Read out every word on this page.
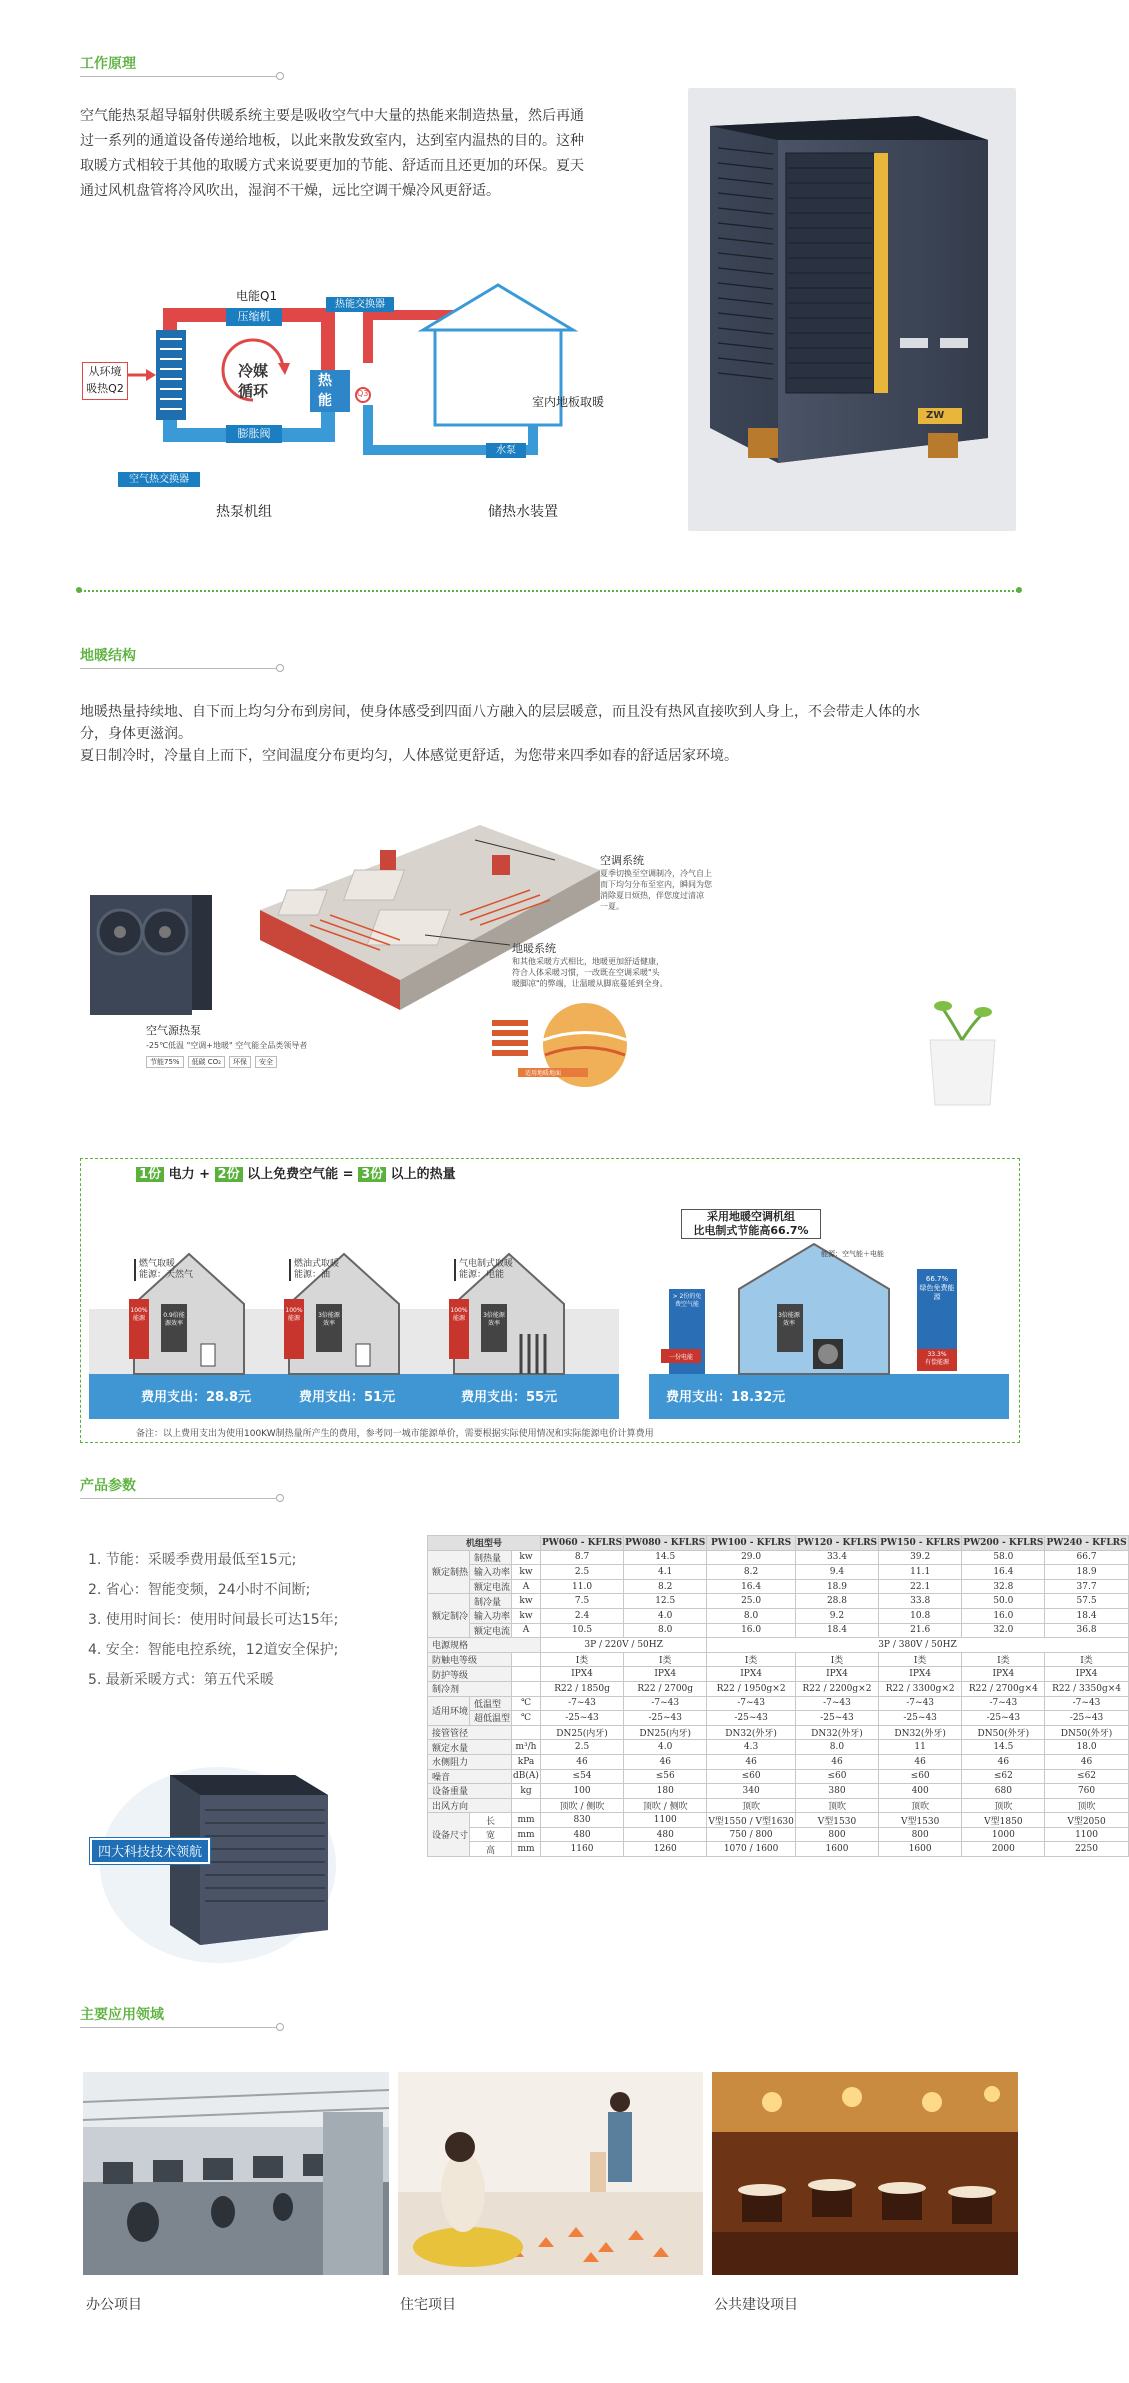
工作原理
空气能热泵超导辐射供暖系统主要是吸收空气中大量的热能来制造热量，然后再通
过一系列的通道设备传递给地板，以此来散发致室内，达到室内温热的目的。这种
取暖方式相较于其他的取暖方式来说要更加的节能、舒适而且还更加的环保。夏天
通过风机盘管将冷风吹出，湿润不干燥，远比空调干燥冷风更舒适。
电能Q1
压缩机
热能交换器
从环境
吸热Q2
冷媒
循环
热
能	Q3
膨胀阀
空气热交换器
水泵
室内地板取暖
热泵机组	储热水装置
ZW
地暖结构
地暖热量持续地、自下而上均匀分布到房间，使身体感受到四面八方融入的层层暖意，而且没有热风直接吹到人身上，不会带走人体的水
分，身体更滋润。
夏日制冷时，冷量自上而下，空间温度分布更均匀，人体感觉更舒适，为您带来四季如春的舒适居家环境。
空调系统
夏季切换至空调制冷，冷气自上
而下均匀分布至室内，瞬间为您
消除夏日烦热，伴您度过清凉
一夏。
地暖系统
和其他采暖方式相比，地暖更加舒适健康，
符合人体采暖习惯，一改既在空调采暖"头
暖脚凉"的弊端，让温暖从脚底蔓延到全身。
适用地暖地面
空气源热泵
-25℃低温 "空调+地暖" 空气能全品类领导者
节能75%	低碳 CO₂	环保	安全
1份 电力 + 2份 以上免费空气能 = 3份 以上的热量
燃气取暖
能源：天然气
燃油式取暖
能源：油
气电制式取暖
能源：电能
100%能源
100%能源
100%能源
0.9倍能源效率
3倍能源效率
3倍能源效率
费用支出：28.8元	费用支出：51元	费用支出：55元
采用地暖空调机组
比电制式节能高66.7%
能源：空气能＋电能
> 2份的免费空气能
一份电能
3倍能源效率
66.7%
绿色免费能源
33.3%
有偿能源
费用支出：18.32元
备注：以上费用支出为使用100KW制热量所产生的费用，参考同一城市能源单价，需要根据实际使用情况和实际能源电价计算费用
产品参数
1. 节能：采暖季费用最低至15元;
2. 省心：智能变频，24小时不间断;
3. 使用时间长：使用时间最长可达15年;
4. 安全：智能电控系统，12道安全保护;
5. 最新采暖方式：第五代采暖
四大科技技术领航
机组型号			PW060 - KFLRS	PW080 - KFLRS	PW100 - KFLRS	PW120 - KFLRS	PW150 - KFLRS	PW200 - KFLRS	PW240 - KFLRS
额定制热	制热量	kw	8.7	14.5	29.0	33.4	39.2	58.0	66.7
	输入功率	kw	2.5	4.1	8.2	9.4	11.1	16.4	18.9
	额定电流	A	11.0	8.2	16.4	18.9	22.1	32.8	37.7
额定制冷	制冷量	kw	7.5	12.5	25.0	28.8	33.8	50.0	57.5
	输入功率	kw	2.4	4.0	8.0	9.2	10.8	16.0	18.4
	额定电流	A	10.5	8.0	16.0	18.4	21.6	32.0	36.8
电源规格			3P / 220V / 50HZ		3P / 380V / 50HZ				
防触电等级			I类	I类	I类	I类	I类	I类	I类
防护等级			IPX4	IPX4	IPX4	IPX4	IPX4	IPX4	IPX4
制冷剂			R22 / 1850g	R22 / 2700g	R22 / 1950g×2	R22 / 2200g×2	R22 / 3300g×2	R22 / 2700g×4	R22 / 3350g×4
适用环境	低温型	℃	-7~43	-7~43	-7~43	-7~43	-7~43	-7~43	-7~43
	超低温型	℃	-25~43	-25~43	-25~43	-25~43	-25~43	-25~43	-25~43
接管管径			DN25(内牙)	DN25(内牙)	DN32(外牙)	DN32(外牙)	DN32(外牙)	DN50(外牙)	DN50(外牙)
额定水量		m³/h	2.5	4.0	4.3	8.0	11	14.5	18.0
水侧阻力		kPa	46	46	46	46	46	46	46
噪音		dB(A)	≤54	≤56	≤60	≤60	≤60	≤62	≤62
设备重量		kg	100	180	340	380	400	680	760
出风方向			顶吹 / 侧吹	顶吹 / 侧吹	顶吹	顶吹	顶吹	顶吹	顶吹
设备尺寸	长	mm	830	1100	V型1550 / V型1630	V型1530	V型1530	V型1850	V型2050
	宽	mm	480	480	750 / 800	800	800	1000	1100
	高	mm	1160	1260	1070 / 1600	1600	1600	2000	2250
主要应用领域
办公项目	住宅项目	公共建设项目
